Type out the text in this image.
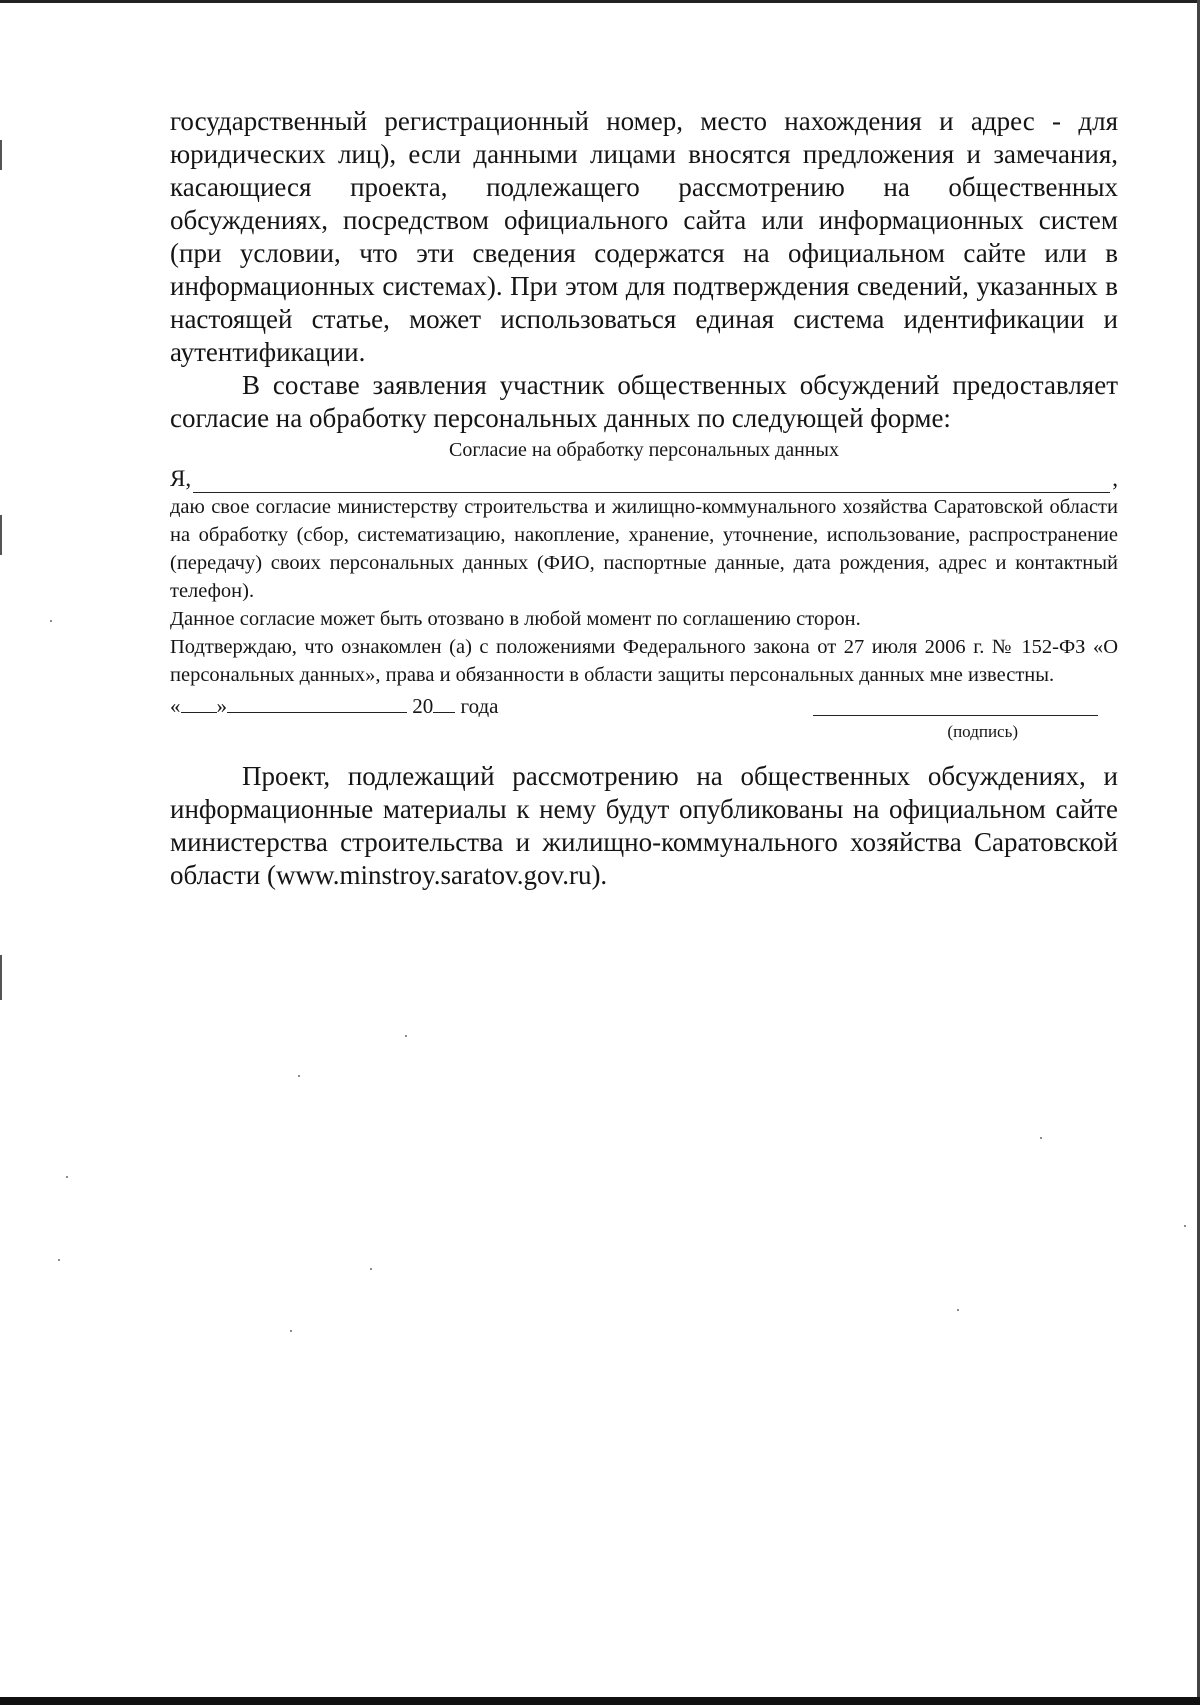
государственный регистрационный номер, место нахождения и адрес - для юридических лиц), если данными лицами вносятся предложения и замечания, касающиеся проекта, подлежащего рассмотрению на общественных обсуждениях, посредством официального сайта или информационных систем (при условии, что эти сведения содержатся на официальном сайте или в информационных системах). При этом для подтверждения сведений, указанных в настоящей статье, может использоваться единая система идентификации и аутентификации.

В составе заявления участник общественных обсуждений предоставляет согласие на обработку персональных данных по следующей форме:

Согласие на обработку персональных данных

Я,	,

даю свое согласие министерству строительства и жилищно-коммунального хозяйства Саратовской области на обработку (сбор, систематизацию, накопление, хранение, уточнение, использование, распространение (передачу) своих персональных данных (ФИО, паспортные данные, дата рождения, адрес и контактный телефон).

Данное согласие может быть отозвано в любой момент по соглашению сторон.

Подтверждаю, что ознакомлен (а) с положениями Федерального закона от 27 июля 2006 г. № 152-ФЗ «О персональных данных», права и обязанности в области защиты персональных данных мне известны.

« »	20 года

(подпись)

Проект, подлежащий рассмотрению на общественных обсуждениях, и информационные материалы к нему будут опубликованы на официальном сайте министерства строительства и жилищно-коммунального хозяйства Саратовской области (www.minstroy.saratov.gov.ru).
